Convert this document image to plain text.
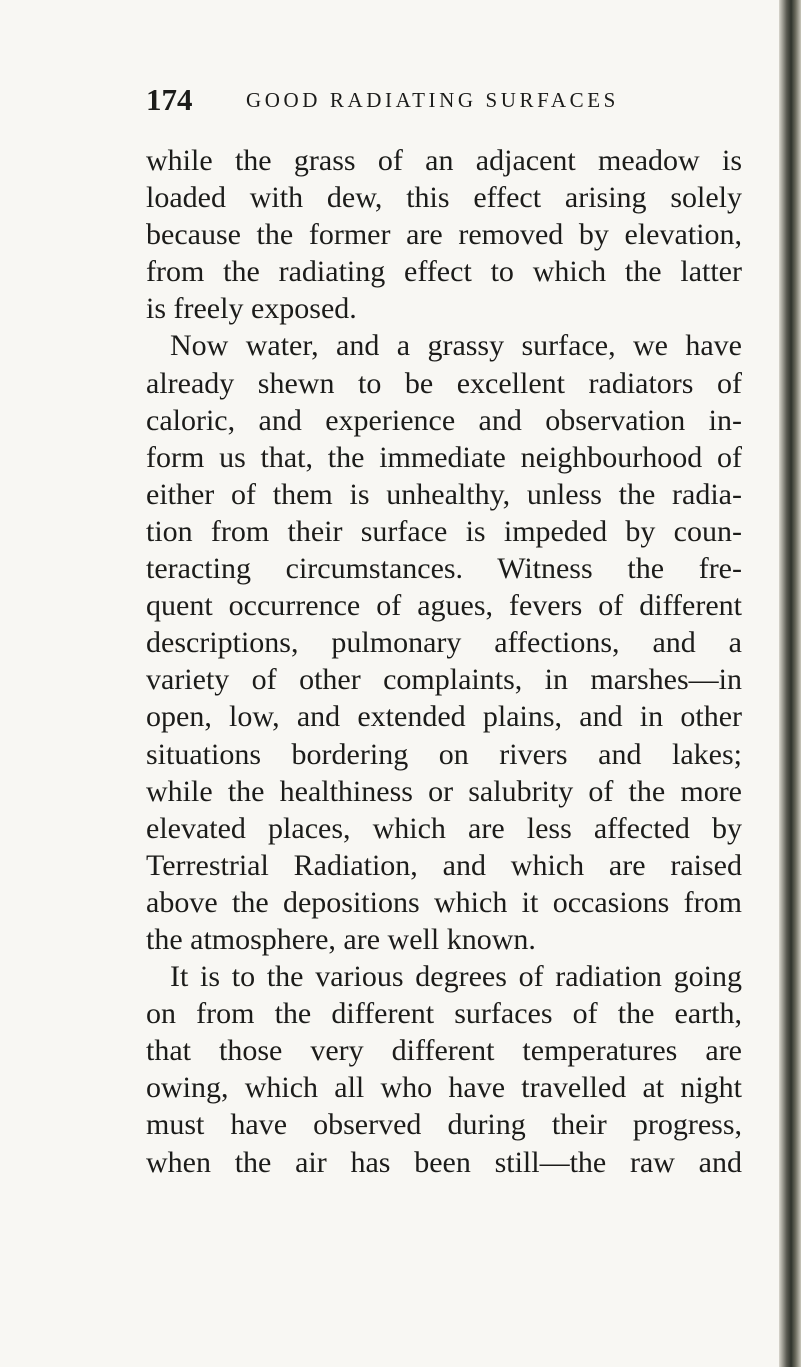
174	GOOD RADIATING SURFACES
while the grass of an adjacent meadow is
loaded with dew, this effect arising solely
because the former are removed by elevation,
from the radiating effect to which the latter
is freely exposed.
Now water, and a grassy surface, we have
already shewn to be excellent radiators of
caloric, and experience and observation in-
form us that, the immediate neighbourhood of
either of them is unhealthy, unless the radia-
tion from their surface is impeded by coun-
teracting circumstances. Witness the fre-
quent occurrence of agues, fevers of different
descriptions, pulmonary affections, and a
variety of other complaints, in marshes—in
open, low, and extended plains, and in other
situations bordering on rivers and lakes;
while the healthiness or salubrity of the more
elevated places, which are less affected by
Terrestrial Radiation, and which are raised
above the depositions which it occasions from
the atmosphere, are well known.
It is to the various degrees of radiation going
on from the different surfaces of the earth,
that those very different temperatures are
owing, which all who have travelled at night
must have observed during their progress,
when the air has been still—the raw and
